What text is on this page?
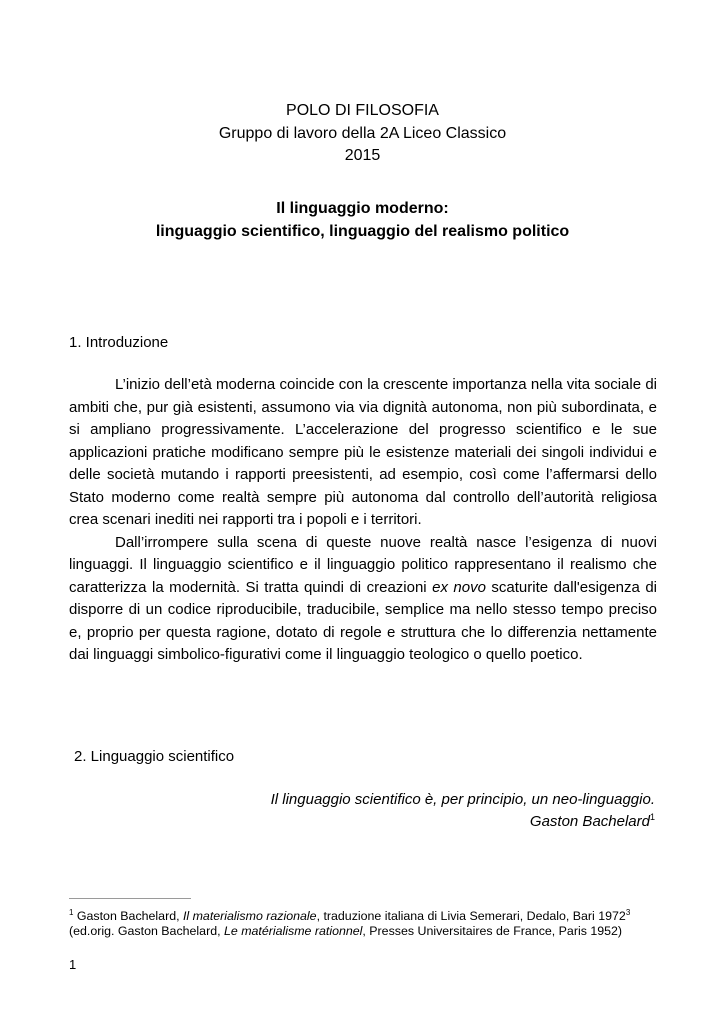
POLO DI FILOSOFIA
Gruppo di lavoro della 2A Liceo Classico
2015
Il linguaggio moderno:
linguaggio scientifico, linguaggio del realismo politico
1. Introduzione

L’inizio dell’età moderna coincide con la crescente importanza nella vita sociale di ambiti che, pur già esistenti, assumono via via dignità autonoma, non più subordinata, e si ampliano progressivamente. L’accelerazione del progresso scientifico e le sue applicazioni pratiche modificano sempre più le esistenze materiali dei singoli individui e delle società mutando i rapporti preesistenti, ad esempio, così come l’affermarsi dello Stato moderno come realtà sempre più autonoma dal controllo dell’autorità religiosa crea scenari inediti nei rapporti tra i popoli e i territori.

Dall’irrompere sulla scena di queste nuove realtà nasce l’esigenza di nuovi linguaggi. Il linguaggio scientifico e il linguaggio politico rappresentano il realismo che caratterizza la modernità. Si tratta quindi di creazioni ex novo scaturite dall'esigenza di disporre di un codice riproducibile, traducibile, semplice ma nello stesso tempo preciso e, proprio per questa ragione, dotato di regole e struttura che lo differenzia nettamente dai linguaggi simbolico-figurativi come il linguaggio teologico o quello poetico.

2. Linguaggio scientifico
Il linguaggio scientifico è, per principio, un neo-linguaggio.
Gaston Bachelard$^1$
$^1$ Gaston Bachelard, Il materialismo razionale, traduzione italiana di Livia Semerari, Dedalo, Bari 1972$^3$ (ed.orig. Gaston Bachelard, Le matérialisme rationnel, Presses Universitaires de France, Paris 1952)
1
